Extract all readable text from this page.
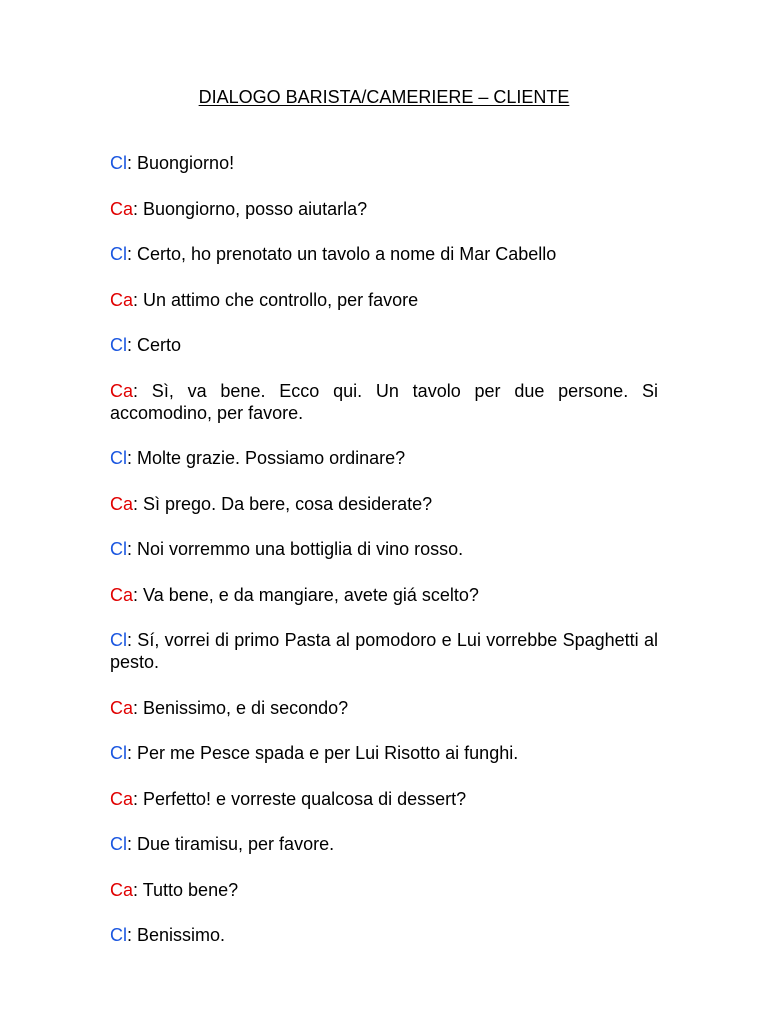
DIALOGO BARISTA/CAMERIERE – CLIENTE

Cl: Buongiorno!

Ca: Buongiorno, posso aiutarla?

Cl: Certo, ho prenotato un tavolo a nome di Mar Cabello

Ca: Un attimo che controllo, per favore

Cl: Certo

Ca: Sì, va bene. Ecco qui. Un tavolo per due persone. Si accomodino, per favore.

Cl: Molte grazie. Possiamo ordinare?

Ca: Sì prego. Da bere, cosa desiderate?

Cl: Noi vorremmo una bottiglia di vino rosso.

Ca: Va bene, e da mangiare, avete giá scelto?

Cl: Sí, vorrei di primo Pasta al pomodoro e Lui vorrebbe Spaghetti al pesto.

Ca: Benissimo, e di secondo?

Cl: Per me Pesce spada e per Lui Risotto ai funghi.

Ca: Perfetto! e vorreste qualcosa di dessert?

Cl: Due tiramisu, per favore.

Ca: Tutto bene?

Cl: Benissimo.
